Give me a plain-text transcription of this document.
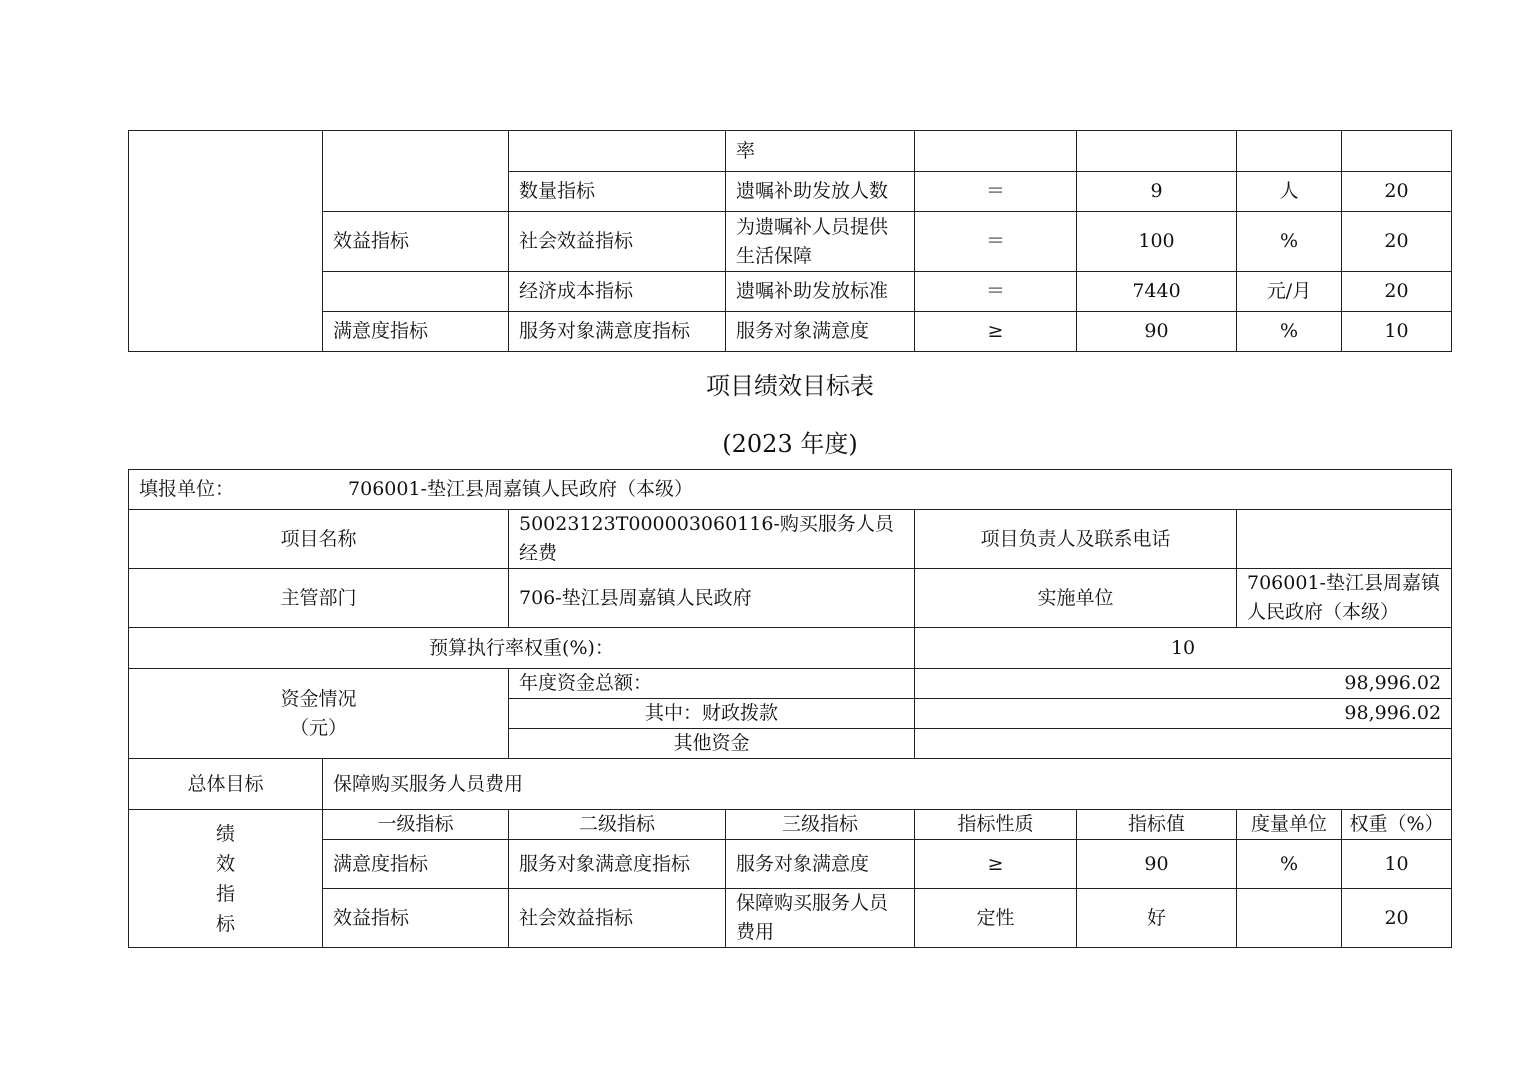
			率				
		数量指标	遗嘱补助发放人数	＝	9	人	20
	效益指标	社会效益指标	为遗嘱补人员提供生活保障	＝	100	%	20
		经济成本指标	遗嘱补助发放标准	＝	7440	元/月	20
	满意度指标	服务对象满意度指标	服务对象满意度	≥	90	%	10
项目绩效目标表
(2023 年度)
填报单位： 706001-垫江县周嘉镇人民政府（本级）							
项目名称		50023123T000003060116-购买服务人员经费		项目负责人及联系电话			
主管部门		706-垫江县周嘉镇人民政府		实施单位		706001-垫江县周嘉镇人民政府（本级）	
预算执行率权重(%)：				10			

资金情况
（元）		年度资金总额：		98,996.02			
		其中：财政拨款		98,996.02			
		其他资金					
总体目标	保障购买服务人员费用						

绩
效
指
标	一级指标	二级指标	三级指标	指标性质	指标值	度量单位	权重（%）
	满意度指标	服务对象满意度指标	服务对象满意度	≥	90	%	10
	效益指标	社会效益指标	保障购买服务人员费用	定性	好		20
